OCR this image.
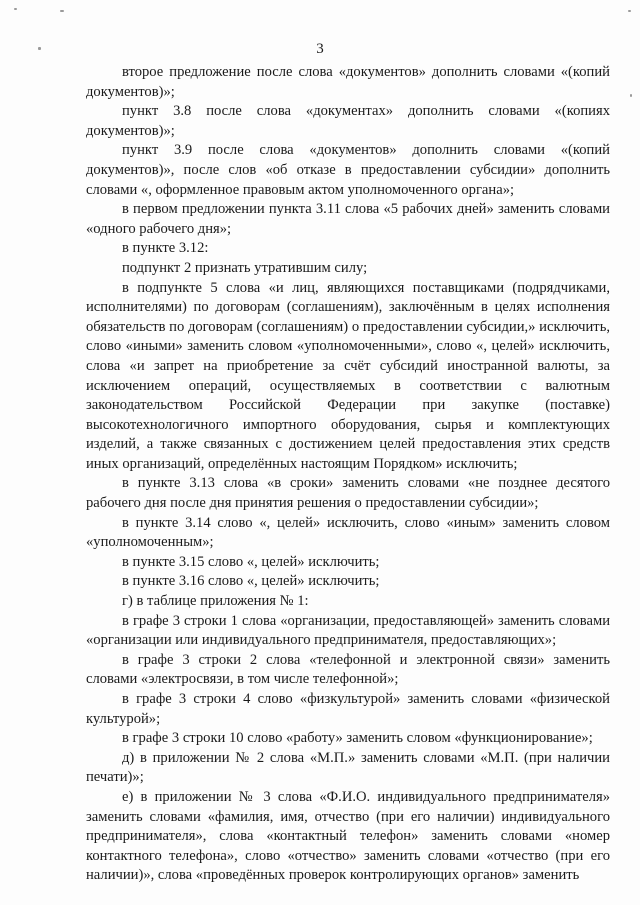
3

второе предложение после слова «документов» дополнить словами «(копий документов)»;

пункт 3.8 после слова «документах» дополнить словами «(копиях документов)»;

пункт 3.9 после слова «документов» дополнить словами «(копий документов)», после слов «об отказе в предоставлении субсидии» дополнить словами «, оформленное правовым актом уполномоченного органа»;

в первом предложении пункта 3.11 слова «5 рабочих дней» заменить словами «одного рабочего дня»;

в пункте 3.12:

подпункт 2 признать утратившим силу;

в подпункте 5 слова «и лиц, являющихся поставщиками (подрядчиками, исполнителями) по договорам (соглашениям), заключённым в целях исполнения обязательств по договорам (соглашениям) о предоставлении субсидии,» исключить, слово «иными» заменить словом «уполномоченными», слово «, целей» исключить, слова «и запрет на приобретение за счёт субсидий иностранной валюты, за исключением операций, осуществляемых в соответствии с валютным законодательством Российской Федерации при закупке (поставке) высокотехнологичного импортного оборудования, сырья и комплектующих изделий, а также связанных с достижением целей предоставления этих средств иных организаций, определённых настоящим Порядком» исключить;

в пункте 3.13 слова «в сроки» заменить словами «не позднее десятого рабочего дня после дня принятия решения о предоставлении субсидии»;

в пункте 3.14 слово «, целей» исключить, слово «иным» заменить словом «уполномоченным»;

в пункте 3.15 слово «, целей» исключить;

в пункте 3.16 слово «, целей» исключить;

г) в таблице приложения № 1:

в графе 3 строки 1 слова «организации, предоставляющей» заменить словами «организации или индивидуального предпринимателя, предоставляющих»;

в графе 3 строки 2 слова «телефонной и электронной связи» заменить словами «электросвязи, в том числе телефонной»;

в графе 3 строки 4 слово «физкультурой» заменить словами «физической культурой»;

в графе 3 строки 10 слово «работу» заменить словом «функционирование»;

д) в приложении № 2 слова «М.П.» заменить словами «М.П. (при наличии печати)»;

е) в приложении № 3 слова «Ф.И.О. индивидуального предпринимателя» заменить словами «фамилия, имя, отчество (при его наличии) индивидуального предпринимателя», слова «контактный телефон» заменить словами «номер контактного телефона», слово «отчество» заменить словами «отчество (при его наличии)», слова «проведённых проверок контролирующих органов» заменить
